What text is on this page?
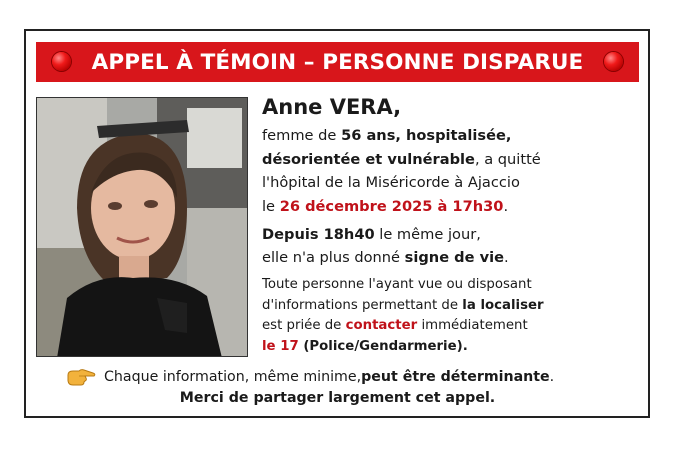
APPEL À TÉMOIN – PERSONNE DISPARUE
Anne VERA,
femme de 56 ans, hospitalisée,
désorientée et vulnérable, a quitté
l'hôpital de la Miséricorde à Ajaccio
le 26 décembre 2025 à 17h30.
Depuis 18h40 le même jour,
elle n'a plus donné signe de vie.
Toute personne l'ayant vue ou disposant
d'informations permettant de la localiser
est priée de contacter immédiatement
le 17 (Police/Gendarmerie).
Chaque information, même minime, peut être déterminante .
Merci de partager largement cet appel.
